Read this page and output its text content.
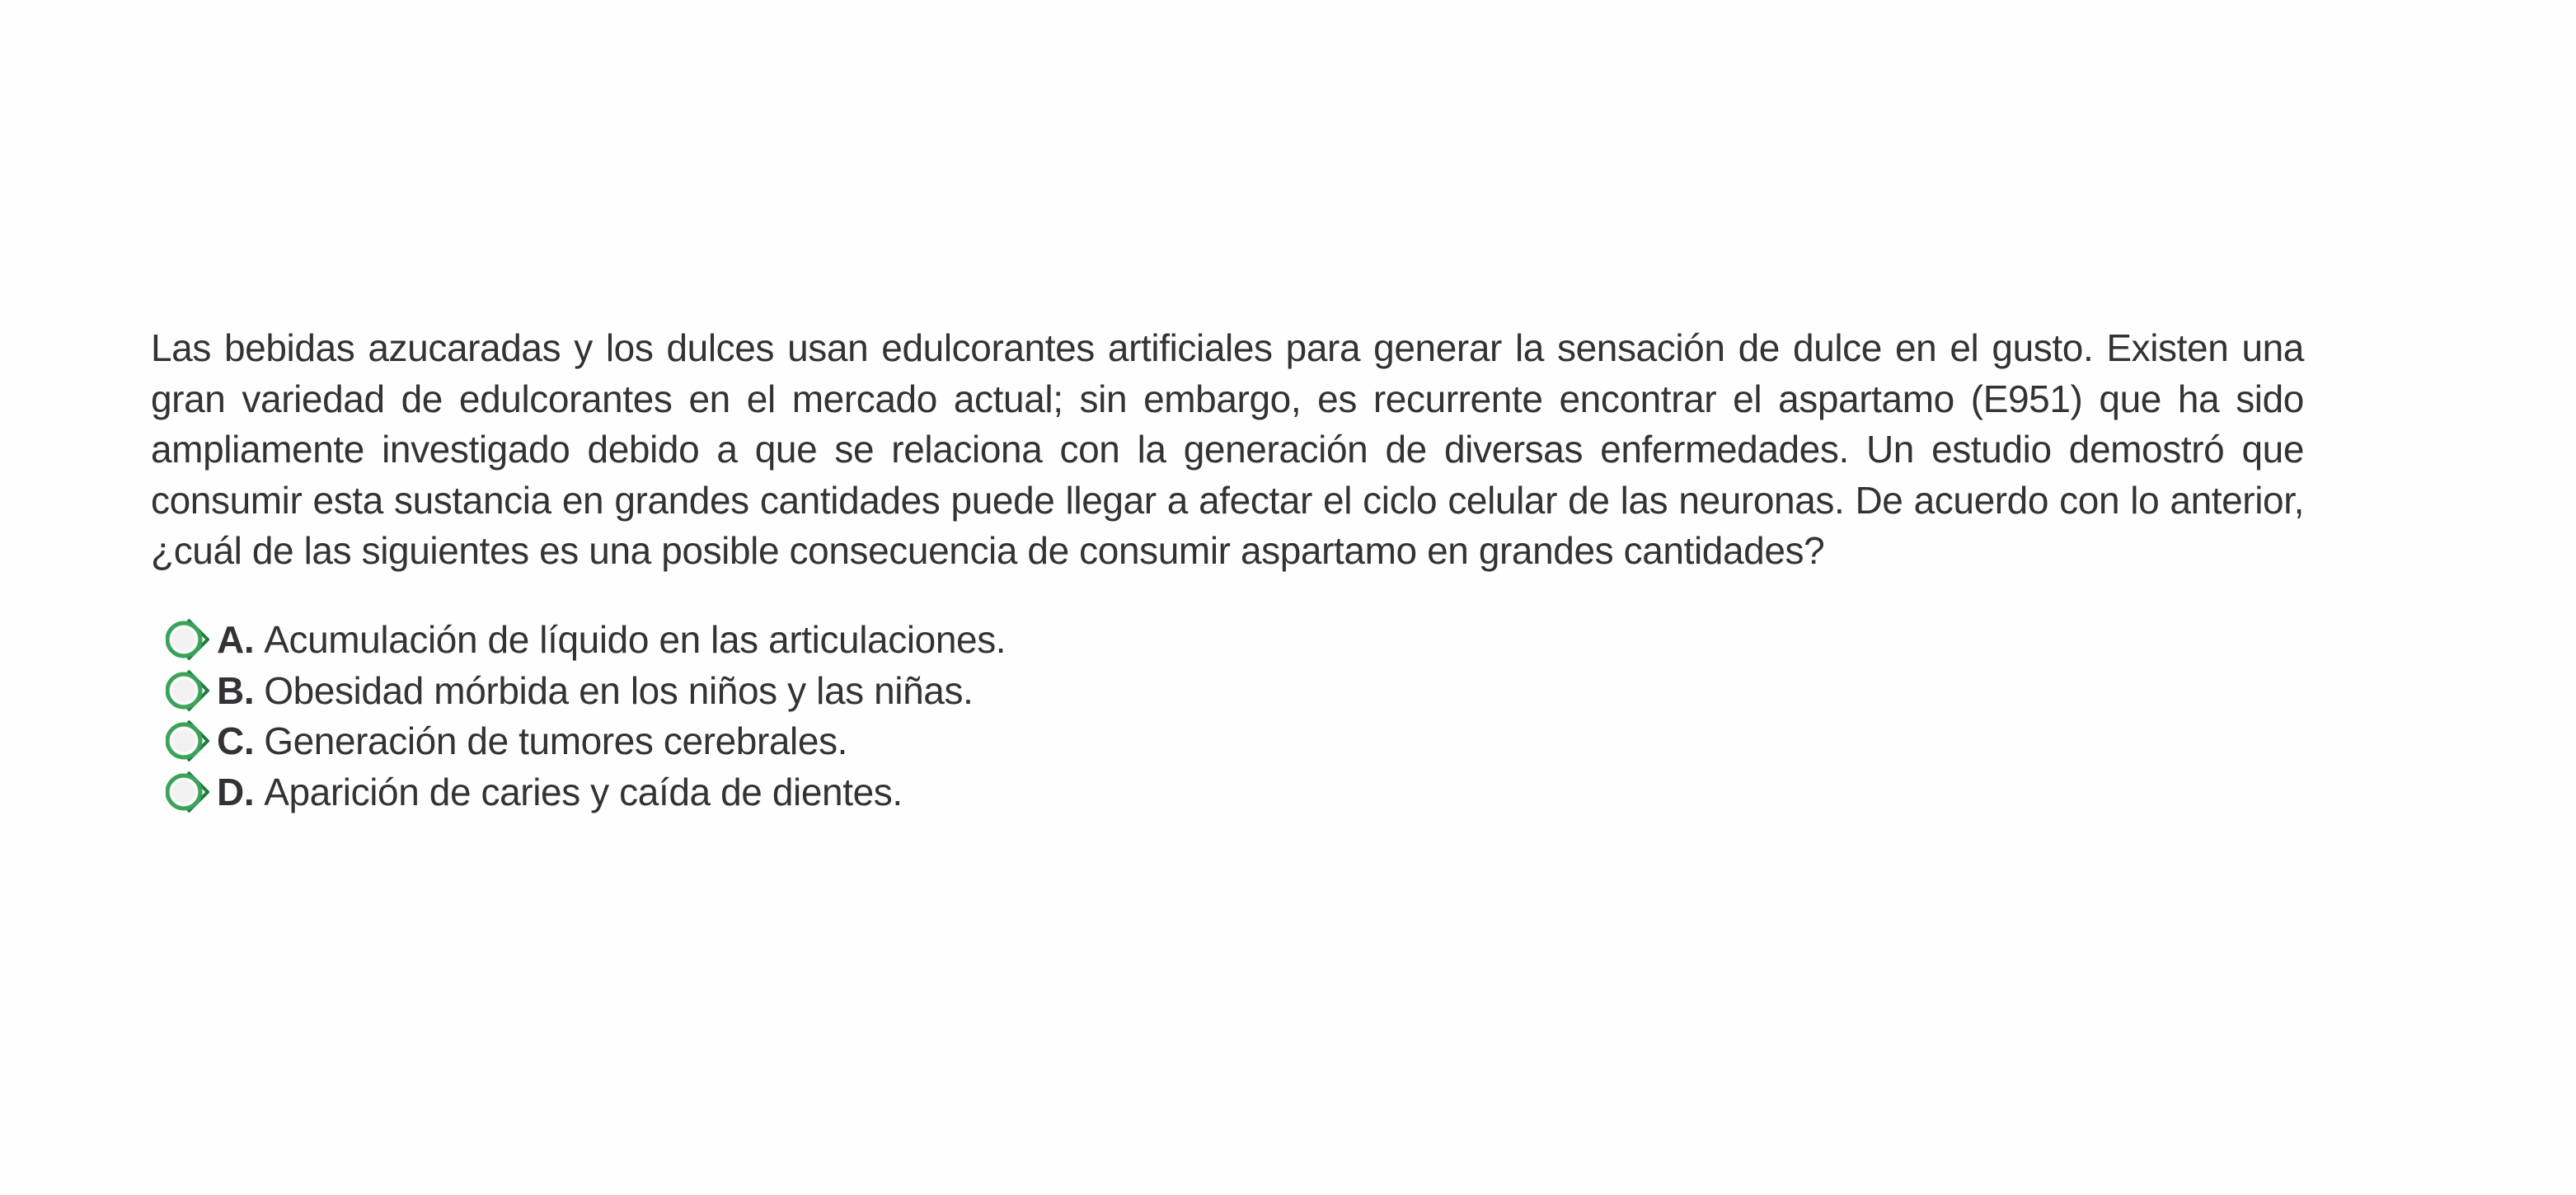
Las bebidas azucaradas y los dulces usan edulcorantes artificiales para generar la sensación de dulce en el gusto. Existen una gran variedad de edulcorantes en el mercado actual; sin embargo, es recurrente encontrar el aspartamo (E951) que ha sido ampliamente investigado debido a que se relaciona con la generación de diversas enfermedades. Un estudio demostró que consumir esta sustancia en grandes cantidades puede llegar a afectar el ciclo celular de las neuronas. De acuerdo con lo anterior, ¿cuál de las siguientes es una posible consecuencia de consumir aspartamo en grandes cantidades?

A. Acumulación de líquido en las articulaciones.
B. Obesidad mórbida en los niños y las niñas.
C. Generación de tumores cerebrales.
D. Aparición de caries y caída de dientes.
